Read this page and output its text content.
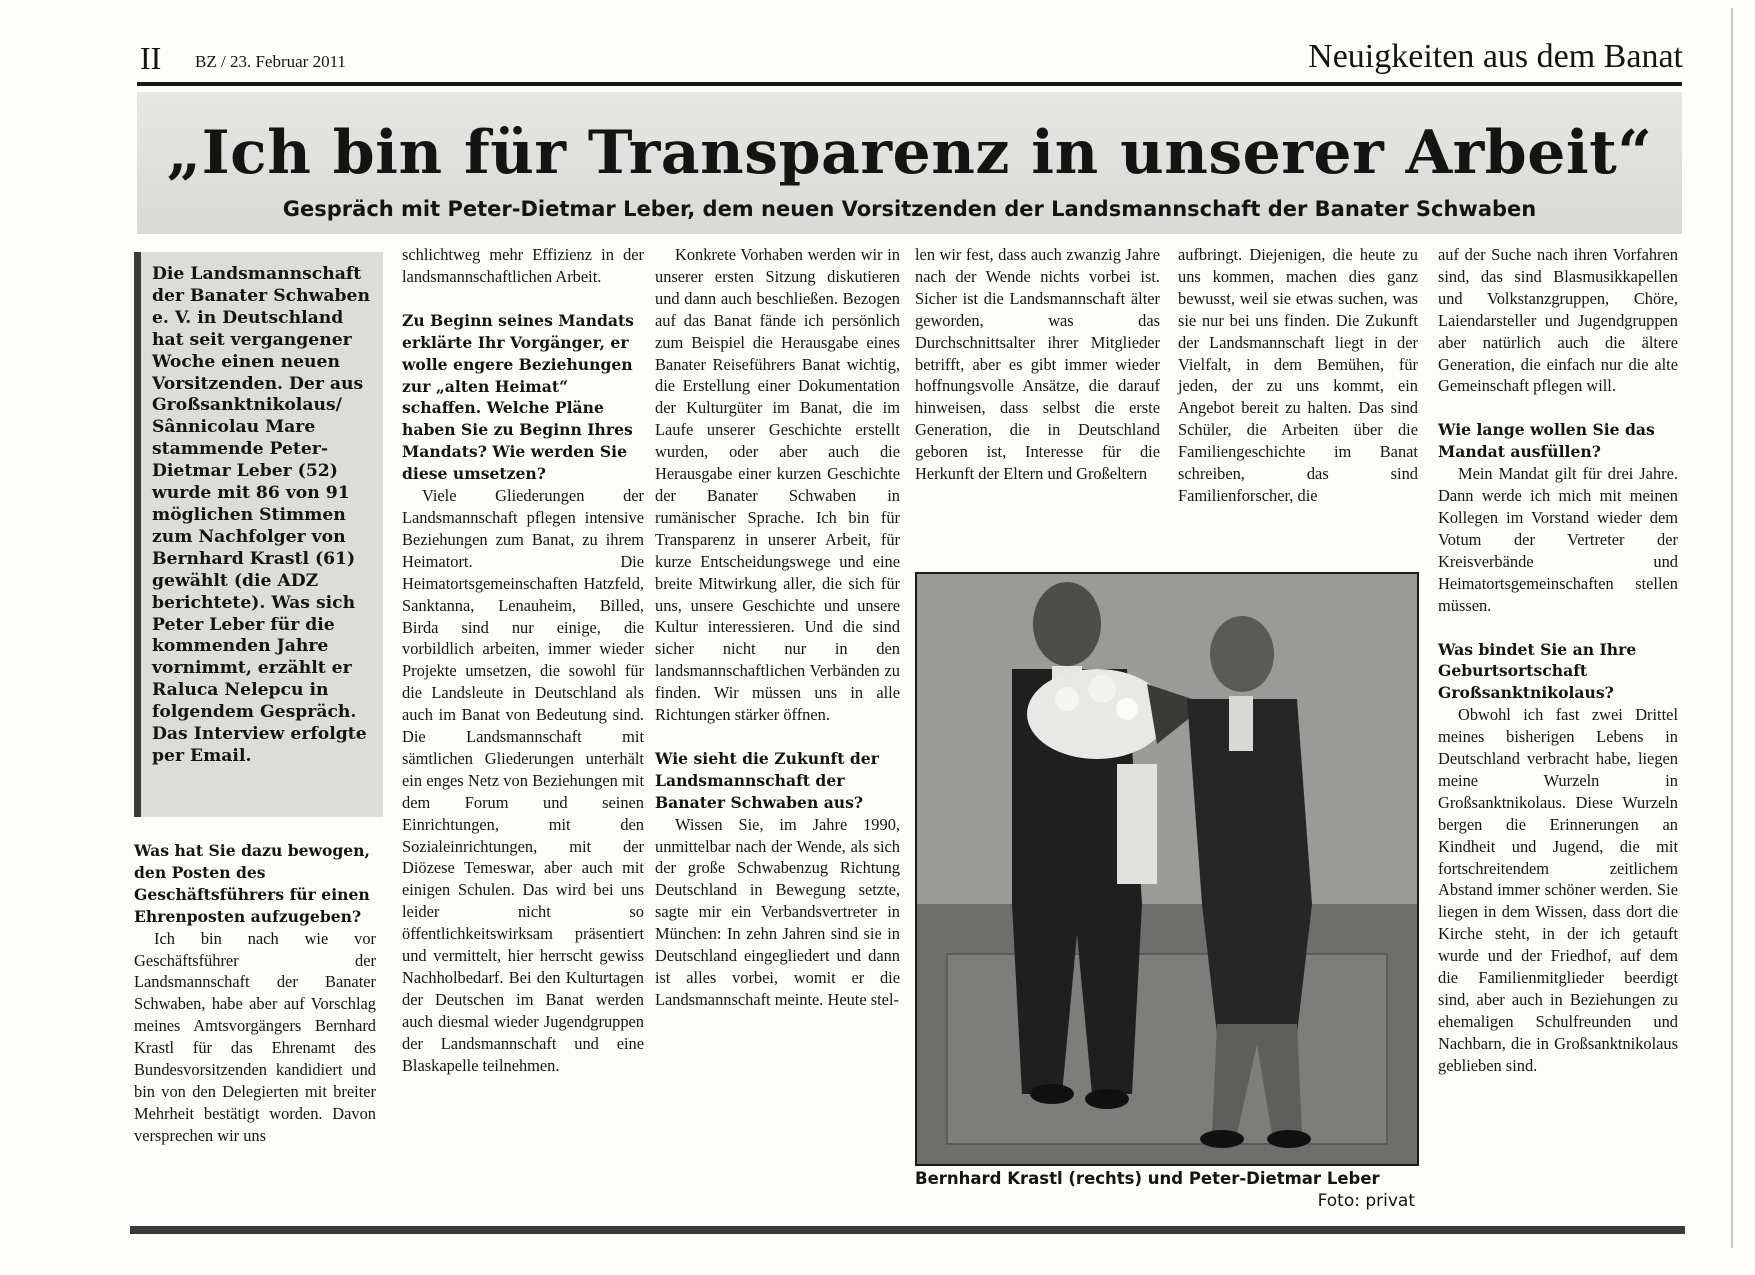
II BZ / 23. Februar 2011	Neuigkeiten aus dem Banat
„Ich bin für Transparenz in unserer Arbeit“
Gespräch mit Peter-Dietmar Leber, dem neuen Vorsitzenden der Landsmannschaft der Banater Schwaben
Die Landsmannschaft der Banater Schwaben e. V. in Deutschland hat seit vergangener Woche einen neuen Vorsitzenden. Der aus Großsanktnikolaus/ Sânnicolau Mare stammende Peter-Dietmar Leber (52) wurde mit 86 von 91 möglichen Stimmen zum Nachfolger von Bernhard Krastl (61) gewählt (die ADZ berichtete). Was sich Peter Leber für die kommenden Jahre vornimmt, erzählt er Raluca Nelepcu in folgendem Gespräch. Das Interview erfolgte per Email.

Was hat Sie dazu bewogen, den Posten des Geschäftsführers für einen Ehrenposten aufzugeben?

Ich bin nach wie vor Geschäftsführer der Landsmannschaft der Banater Schwaben, habe aber auf Vorschlag meines Amtsvorgängers Bernhard Krastl für das Ehrenamt des Bundesvorsitzenden kandidiert und bin von den Delegierten mit breiter Mehrheit bestätigt worden. Davon versprechen wir uns

schlichtweg mehr Effizienz in der landsmannschaftlichen Arbeit.

Zu Beginn seines Mandats erklärte Ihr Vorgänger, er wolle engere Beziehungen zur „alten Heimat“ schaffen. Welche Pläne haben Sie zu Beginn Ihres Mandats? Wie werden Sie diese umsetzen?

Viele Gliederungen der Landsmannschaft pflegen intensive Beziehungen zum Banat, zu ihrem Heimatort. Die Heimatortsgemeinschaften Hatzfeld, Sanktanna, Lenauheim, Billed, Birda sind nur einige, die vorbildlich arbeiten, immer wieder Projekte umsetzen, die sowohl für die Landsleute in Deutschland als auch im Banat von Bedeutung sind. Die Landsmannschaft mit sämtlichen Gliederungen unterhält ein enges Netz von Beziehungen mit dem Forum und seinen Einrichtungen, mit den Sozialeinrichtungen, mit der Diözese Temeswar, aber auch mit einigen Schulen. Das wird bei uns leider nicht so öffentlichkeitswirksam präsentiert und vermittelt, hier herrscht gewiss Nachholbedarf. Bei den Kulturtagen der Deutschen im Banat werden auch diesmal wieder Jugendgruppen der Landsmannschaft und eine Blaskapelle teilnehmen.

Konkrete Vorhaben werden wir in unserer ersten Sitzung diskutieren und dann auch beschließen. Bezogen auf das Banat fände ich persönlich zum Beispiel die Herausgabe eines Banater Reiseführers Banat wichtig, die Erstellung einer Dokumentation der Kulturgüter im Banat, die im Laufe unserer Geschichte erstellt wurden, oder aber auch die Herausgabe einer kurzen Geschichte der Banater Schwaben in rumänischer Sprache. Ich bin für Transparenz in unserer Arbeit, für kurze Entscheidungswege und eine breite Mitwirkung aller, die sich für uns, unsere Geschichte und unsere Kultur interessieren. Und die sind sicher nicht nur in den landsmannschaftlichen Verbänden zu finden. Wir müssen uns in alle Richtungen stärker öffnen.

Wie sieht die Zukunft der Landsmannschaft der Banater Schwaben aus?

Wissen Sie, im Jahre 1990, unmittelbar nach der Wende, als sich der große Schwabenzug Richtung Deutschland in Bewegung setzte, sagte mir ein Verbandsvertreter in München: In zehn Jahren sind sie in Deutschland eingegliedert und dann ist alles vorbei, womit er die Landsmannschaft meinte. Heute stel-

len wir fest, dass auch zwanzig Jahre nach der Wende nichts vorbei ist. Sicher ist die Landsmannschaft älter geworden, was das Durchschnittsalter ihrer Mitglieder betrifft, aber es gibt immer wieder hoffnungsvolle Ansätze, die darauf hinweisen, dass selbst die erste Generation, die in Deutschland geboren ist, Interesse für die Herkunft der Eltern und Großeltern

aufbringt. Diejenigen, die heute zu uns kommen, machen dies ganz bewusst, weil sie etwas suchen, was sie nur bei uns finden. Die Zukunft der Landsmannschaft liegt in der Vielfalt, in dem Bemühen, für jeden, der zu uns kommt, ein Angebot bereit zu halten. Das sind Schüler, die Arbeiten über die Familiengeschichte im Banat schreiben, das sind Familienforscher, die

auf der Suche nach ihren Vorfahren sind, das sind Blasmusikkapellen und Volkstanzgruppen, Chöre, Laiendarsteller und Jugendgruppen aber natürlich auch die ältere Generation, die einfach nur die alte Gemeinschaft pflegen will.

Wie lange wollen Sie das Mandat ausfüllen?

Mein Mandat gilt für drei Jahre. Dann werde ich mich mit meinen Kollegen im Vorstand wieder dem Votum der Vertreter der Kreisverbände und Heimatortsgemeinschaften stellen müssen.

Was bindet Sie an Ihre Geburtsortschaft Großsanktnikolaus?

Obwohl ich fast zwei Drittel meines bisherigen Lebens in Deutschland verbracht habe, liegen meine Wurzeln in Großsanktnikolaus. Diese Wurzeln bergen die Erinnerungen an Kindheit und Jugend, die mit fortschreitendem zeitlichem Abstand immer schöner werden. Sie liegen in dem Wissen, dass dort die Kirche steht, in der ich getauft wurde und der Friedhof, auf dem die Familienmitglieder beerdigt sind, aber auch in Beziehungen zu ehemaligen Schulfreunden und Nachbarn, die in Großsanktnikolaus geblieben sind.

Bernhard Krastl (rechts) und Peter-Dietmar Leber
Foto: privat
